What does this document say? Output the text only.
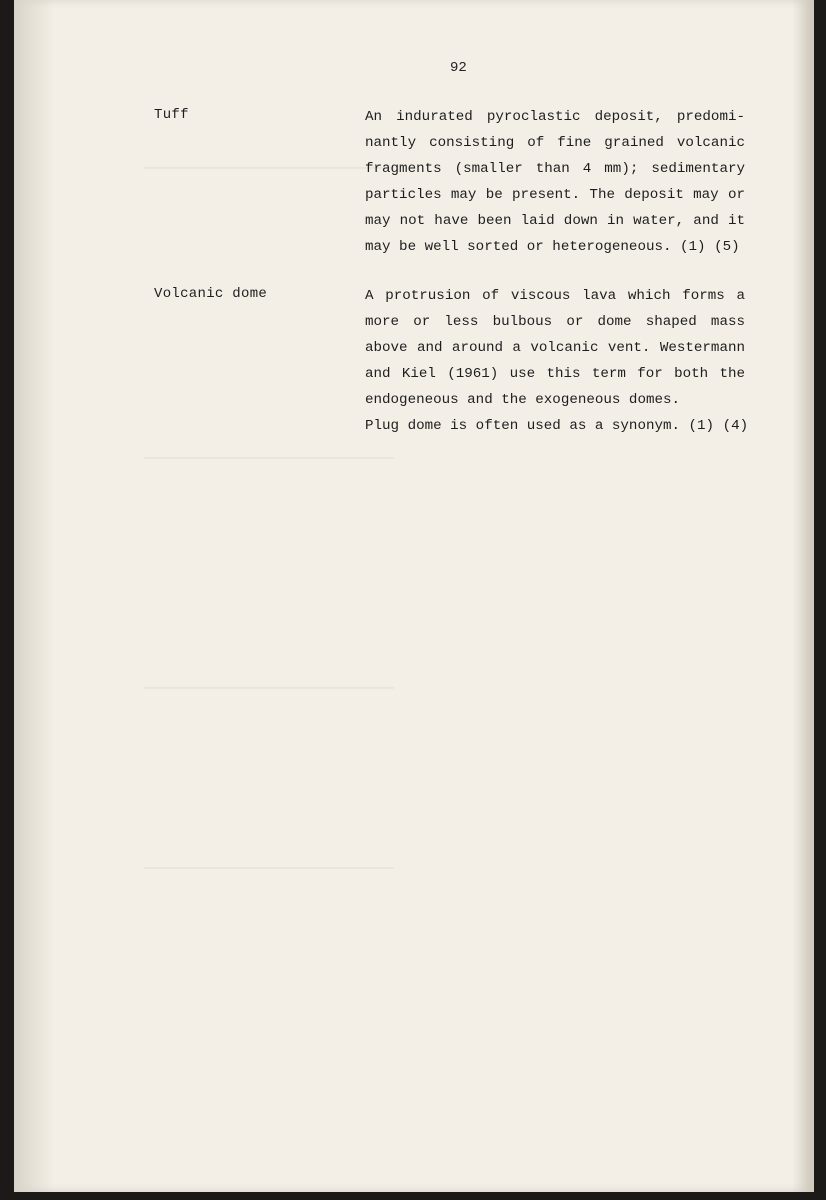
────────────────────────────────
────────────────────────────────
────────────────────────────────
────────────────────────────────
92
Tuff	An indurated pyroclastic deposit, predomi-
nantly consisting of fine grained volcanic
fragments (smaller than 4 mm); sedimentary
particles may be present. The deposit may or
may not have been laid down in water, and it
may be well sorted or heterogeneous. (1) (5)
Volcanic dome	A protrusion of viscous lava which forms a
more or less bulbous or dome shaped mass
above and around a volcanic vent. Westermann
and Kiel (1961) use this term for both the
endogeneous and the exogeneous domes.
Plug dome is often used as a synonym. (1) (4)
